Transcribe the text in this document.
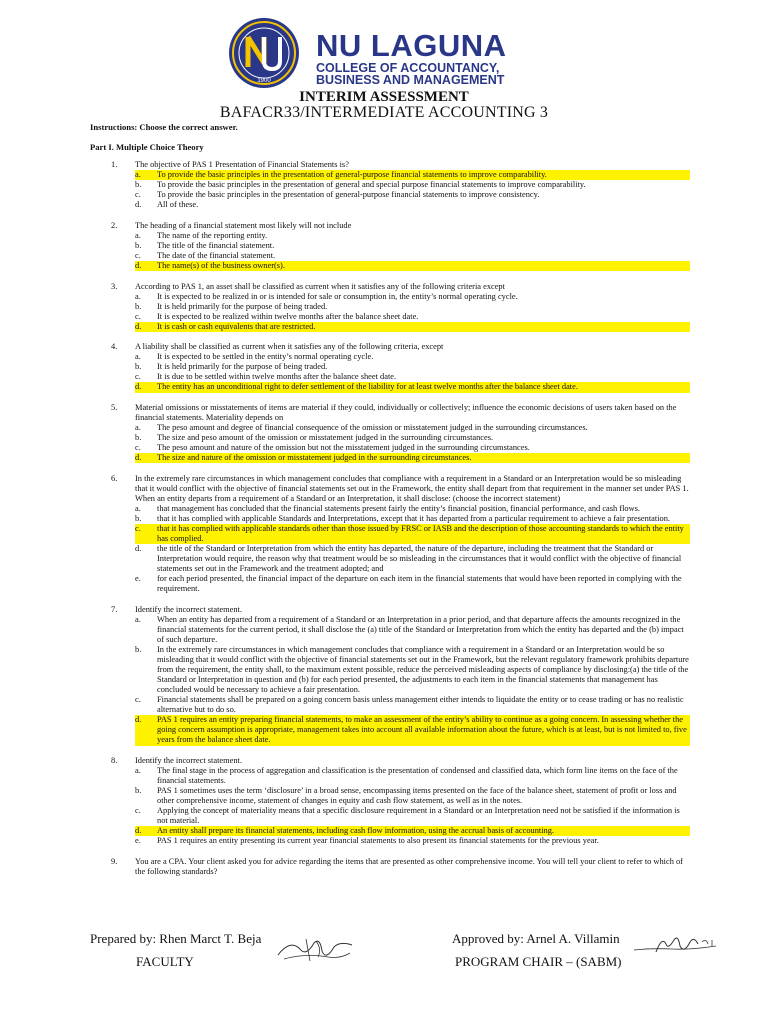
1900
NU LAGUNA
COLLEGE OF ACCOUNTANCY,
BUSINESS AND MANAGEMENT
INTERIM ASSESSMENT
BAFACR33/INTERMEDIATE ACCOUNTING 3
Instructions: Choose the correct answer.
Part I. Multiple Choice Theory
1. The objective of PAS 1 Presentation of Financial Statements is?
a.	To provide the basic principles in the presentation of general-purpose financial statements to improve comparability.
b.	To provide the basic principles in the presentation of general and special purpose financial statements to improve comparability.
c.	To provide the basic principles in the presentation of general-purpose financial statements to improve consistency.
d.	All of these.
2. The heading of a financial statement most likely will not include
a.	The name of the reporting entity.
b.	The title of the financial statement.
c.	The date of the financial statement.
d.	The name(s) of the business owner(s).
3. According to PAS 1, an asset shall be classified as current when it satisfies any of the following criteria except
a.	It is expected to be realized in or is intended for sale or consumption in, the entity’s normal operating cycle.
b.	It is held primarily for the purpose of being traded.
c.	It is expected to be realized within twelve months after the balance sheet date.
d.	It is cash or cash equivalents that are restricted.
4. A liability shall be classified as current when it satisfies any of the following criteria, except
a.	It is expected to be settled in the entity’s normal operating cycle.
b.	It is held primarily for the purpose of being traded.
c.	It is due to be settled within twelve months after the balance sheet date.
d.	The entity has an unconditional right to defer settlement of the liability for at least twelve months after the balance sheet date.
5. Material omissions or misstatements of items are material if they could, individually or collectively; influence the economic decisions of users taken based on the financial statements. Materiality depends on
a.	The peso amount and degree of financial consequence of the omission or misstatement judged in the surrounding circumstances.
b.	The size and peso amount of the omission or misstatement judged in the surrounding circumstances.
c.	The peso amount and nature of the omission but not the misstatement judged in the surrounding circumstances.
d.	The size and nature of the omission or misstatement judged in the surrounding circumstances.
6. In the extremely rare circumstances in which management concludes that compliance with a requirement in a Standard or an Interpretation would be so misleading that it would conflict with the objective of financial statements set out in the Framework, the entity shall depart from that requirement in the manner set under PAS 1. When an entity departs from a requirement of a Standard or an Interpretation, it shall disclose: (choose the incorrect statement)
a.	that management has concluded that the financial statements present fairly the entity’s financial position, financial performance, and cash flows.
b.	that it has complied with applicable Standards and Interpretations, except that it has departed from a particular requirement to achieve a fair presentation.
c.	that it has complied with applicable standards other than those issued by FRSC or IASB and the description of those accounting standards to which the entity has complied.
d.	the title of the Standard or Interpretation from which the entity has departed, the nature of the departure, including the treatment that the Standard or Interpretation would require, the reason why that treatment would be so misleading in the circumstances that it would conflict with the objective of financial statements set out in the Framework and the treatment adopted; and
e.	for each period presented, the financial impact of the departure on each item in the financial statements that would have been reported in complying with the requirement.
7. Identify the incorrect statement.
a.	When an entity has departed from a requirement of a Standard or an Interpretation in a prior period, and that departure affects the amounts recognized in the financial statements for the current period, it shall disclose the (a) title of the Standard or Interpretation from which the entity has departed and the (b) impact of such departure.
b.	In the extremely rare circumstances in which management concludes that compliance with a requirement in a Standard or an Interpretation would be so misleading that it would conflict with the objective of financial statements set out in the Framework, but the relevant regulatory framework prohibits departure from the requirement, the entity shall, to the maximum extent possible, reduce the perceived misleading aspects of compliance by disclosing:(a) the title of the Standard or Interpretation in question and (b) for each period presented, the adjustments to each item in the financial statements that management has concluded would be necessary to achieve a fair presentation.
c.	Financial statements shall be prepared on a going concern basis unless management either intends to liquidate the entity or to cease trading or has no realistic alternative but to do so.
d.	PAS 1 requires an entity preparing financial statements, to make an assessment of the entity’s ability to continue as a going concern. In assessing whether the going concern assumption is appropriate, management takes into account all available information about the future, which is at least, but is not limited to, five years from the balance sheet date.
8. Identify the incorrect statement.
a.	The final stage in the process of aggregation and classification is the presentation of condensed and classified data, which form line items on the face of the financial statements.
b.	PAS 1 sometimes uses the term ‘disclosure’ in a broad sense, encompassing items presented on the face of the balance sheet, statement of profit or loss and other comprehensive income, statement of changes in equity and cash flow statement, as well as in the notes.
c.	Applying the concept of materiality means that a specific disclosure requirement in a Standard or an Interpretation need not be satisfied if the information is not material.
d.	An entity shall prepare its financial statements, including cash flow information, using the accrual basis of accounting.
e.	PAS 1 requires an entity presenting its current year financial statements to also present its financial statements for the previous year.
9. You are a CPA. Your client asked you for advice regarding the items that are presented as other comprehensive income. You will tell your client to refer to which of the following standards?
Prepared by: Rhen Marct T. Beja
FACULTY
Approved by: Arnel A. Villamin
PROGRAM CHAIR – (SABM)
